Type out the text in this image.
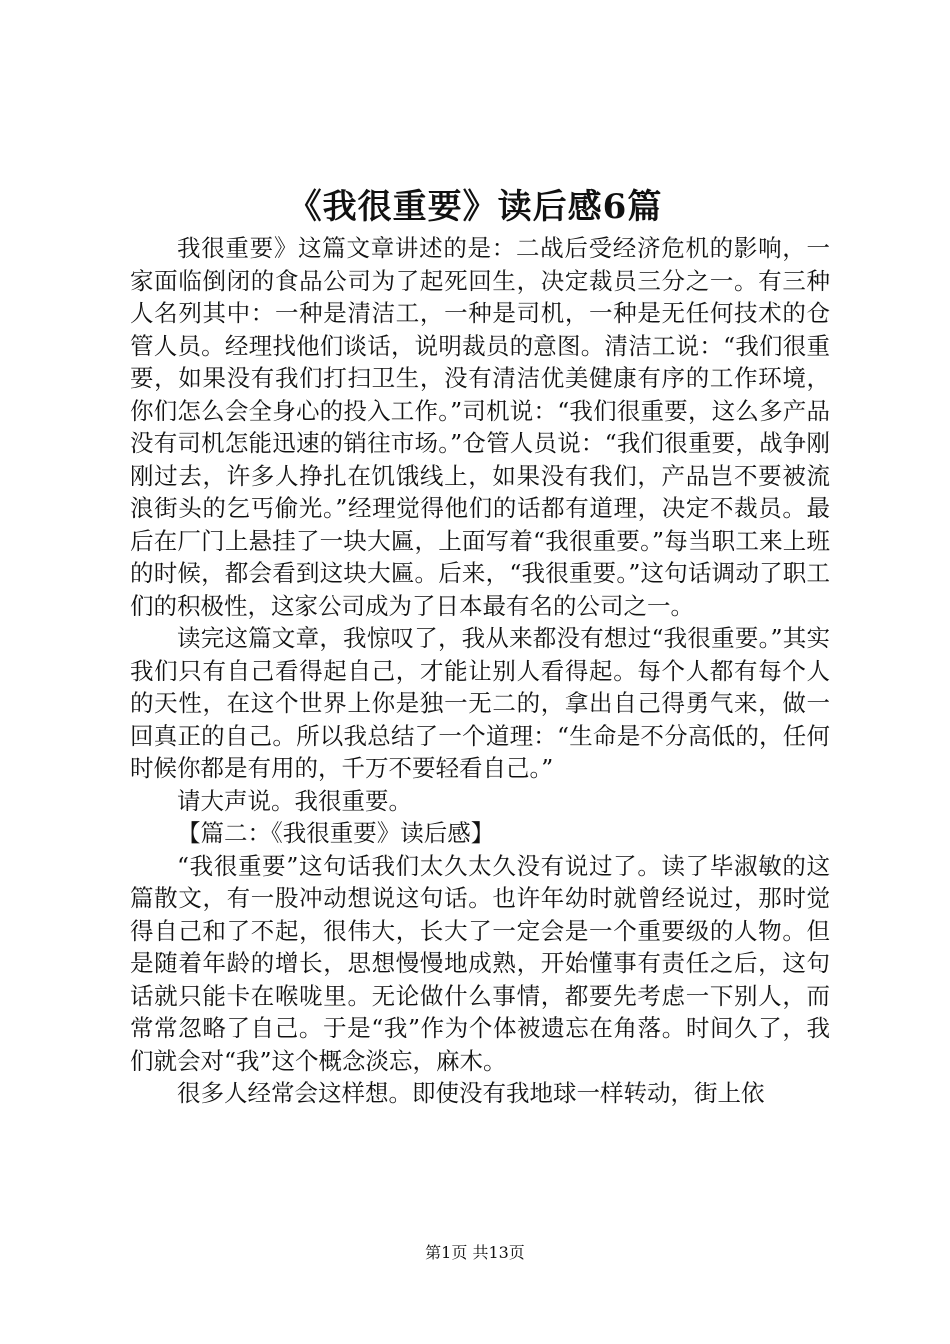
《我很重要》读后感6篇

我很重要》这篇文章讲述的是：二战后受经济危机的影响，一家面临倒闭的食品公司为了起死回生，决定裁员三分之一。有三种人名列其中：一种是清洁工，一种是司机，一种是无任何技术的仓管人员。经理找他们谈话，说明裁员的意图。清洁工说：“我们很重要，如果没有我们打扫卫生，没有清洁优美健康有序的工作环境，你们怎么会全身心的投入工作。”司机说：“我们很重要，这么多产品没有司机怎能迅速的销往市场。”仓管人员说：“我们很重要，战争刚刚过去，许多人挣扎在饥饿线上，如果没有我们，产品岂不要被流浪街头的乞丐偷光。”经理觉得他们的话都有道理，决定不裁员。最后在厂门上悬挂了一块大匾，上面写着“我很重要。”每当职工来上班的时候，都会看到这块大匾。后来，“我很重要。”这句话调动了职工们的积极性，这家公司成为了日本最有名的公司之一。

读完这篇文章，我惊叹了，我从来都没有想过“我很重要。”其实我们只有自己看得起自己，才能让别人看得起。每个人都有每个人的天性，在这个世界上你是独一无二的，拿出自己得勇气来，做一回真正的自己。所以我总结了一个道理：“生命是不分高低的，任何时候你都是有用的，千万不要轻看自己。”

请大声说。我很重要。

【篇二：《我很重要》读后感】

“我很重要”这句话我们太久太久没有说过了。读了毕淑敏的这篇散文，有一股冲动想说这句话。也许年幼时就曾经说过，那时觉得自己和了不起，很伟大，长大了一定会是一个重要级的人物。但是随着年龄的增长，思想慢慢地成熟，开始懂事有责任之后，这句话就只能卡在喉咙里。无论做什么事情，都要先考虑一下别人，而常常忽略了自己。于是“我”作为个体被遗忘在角落。时间久了，我们就会对“我”这个概念淡忘，麻木。

很多人经常会这样想。即使没有我地球一样转动，街上依

第1页 共13页
